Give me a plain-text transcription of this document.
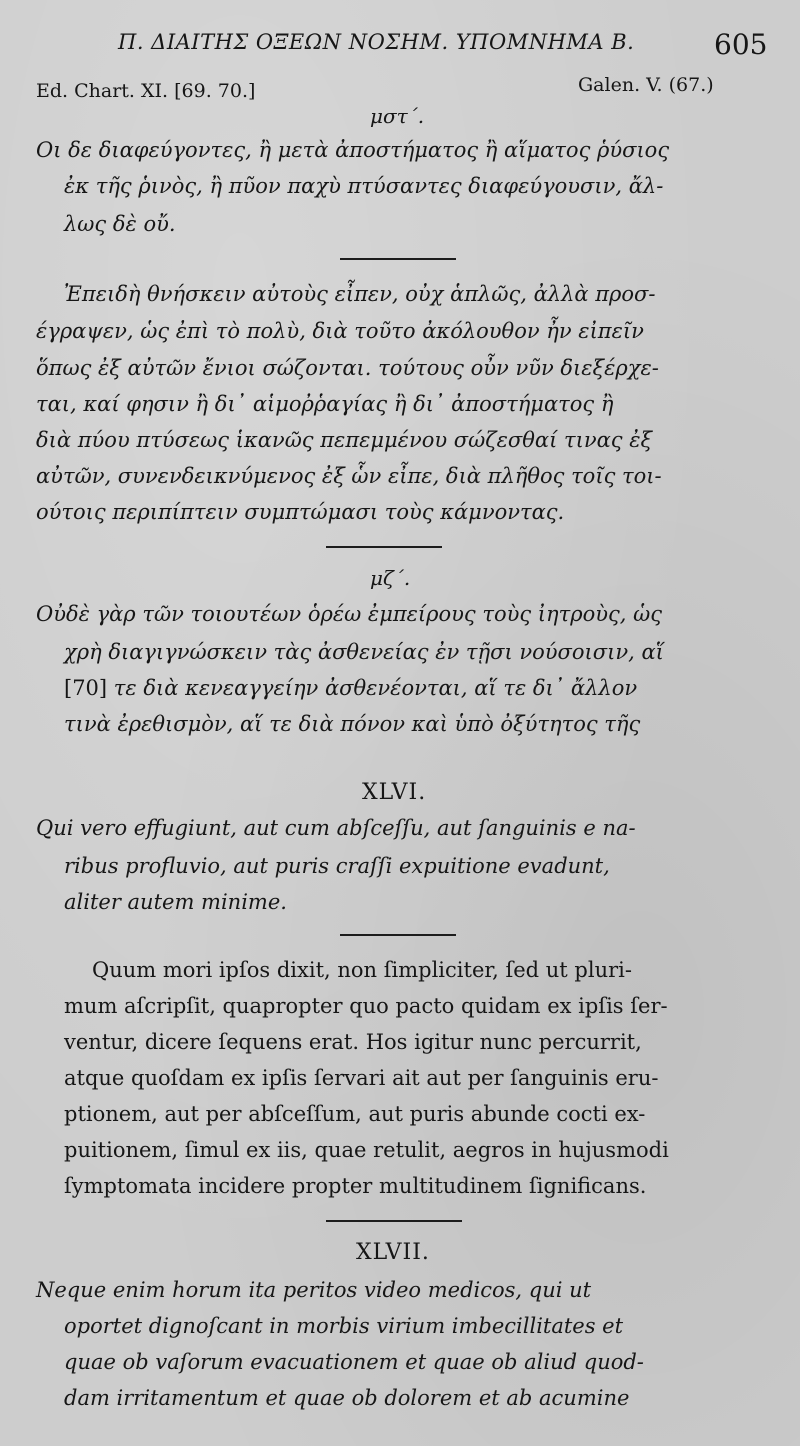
Π. ΔΙΑΙΤΗΣ ΟΞΕΩΝ ΝΟΣΗΜ. ΥΠΟΜΝΗΜΑ Β.	605
Ed. Chart. XI. [69. 70.]	Galen. V. (67.)
μστ΄.
Οι δε διαφεύγοντες, ἢ μετὰ ἀποστήματος ἢ αἵματος ῥύσιος
ἐκ τῆς ῥινὸς, ἢ πῦον παχὺ πτύσαντες διαφεύγουσιν, ἄλ-
λως δὲ οὔ.
Ἐπειδὴ θνήσκειν αὐτοὺς εἶπεν, οὐχ ἁπλῶς, ἀλλὰ προσ-
έγραψεν, ὡς ἐπὶ τὸ πολὺ, διὰ τοῦτο ἀκόλουθον ἦν εἰπεῖν
ὅπως ἐξ αὐτῶν ἔνιοι σώζονται. τούτους οὖν νῦν διεξέρχε-
ται, καί φησιν ἢ δι᾽ αἱμοῤῥαγίας ἢ δι᾽ ἀποστήματος ἢ
διὰ πύου πτύσεως ἱκανῶς πεπεμμένου σώζεσθαί τινας ἐξ
αὐτῶν, συνενδεικνύμενος ἐξ ὧν εἶπε, διὰ πλῆθος τοῖς τοι-
ούτοις περιπίπτειν συμπτώμασι τοὺς κάμνοντας.
μζ΄.
Οὐδὲ γὰρ τῶν τοιουτέων ὁρέω ἐμπείρους τοὺς ἰητροὺς, ὡς
χρὴ διαγιγνώσκειν τὰς ἀσθενείας ἐν τῇσι νούσοισιν, αἵ
[70] τε διὰ κενεαγγείην ἀσθενέονται, αἵ τε δι᾽ ἄλλον
τινὰ ἐρεθισμὸν, αἵ τε διὰ πόνον καὶ ὑπὸ ὀξύτητος τῆς
XLVI.
Qui vero effugiunt, aut cum abſceſſu, aut ſanguinis e na-
ribus profluvio, aut puris craſſi expuitione evadunt,
aliter autem minime.
Quum mori ipſos dixit, non ſimpliciter, ſed ut pluri-
mum aſcripſit, quapropter quo pacto quidam ex ipſis ſer-
ventur, dicere ſequens erat. Hos igitur nunc percurrit,
atque quoſdam ex ipſis ſervari ait aut per ſanguinis eru-
ptionem, aut per abſceſſum, aut puris abunde cocti ex-
puitionem, ſimul ex iis, quae retulit, aegros in hujusmodi
ſymptomata incidere propter multitudinem ſignificans.
XLVII.
Neque enim horum ita peritos video medicos, qui ut
oportet dignoſcant in morbis virium imbecillitates et
quae ob vaſorum evacuationem et quae ob aliud quod-
dam irritamentum et quae ob dolorem et ab acumine
